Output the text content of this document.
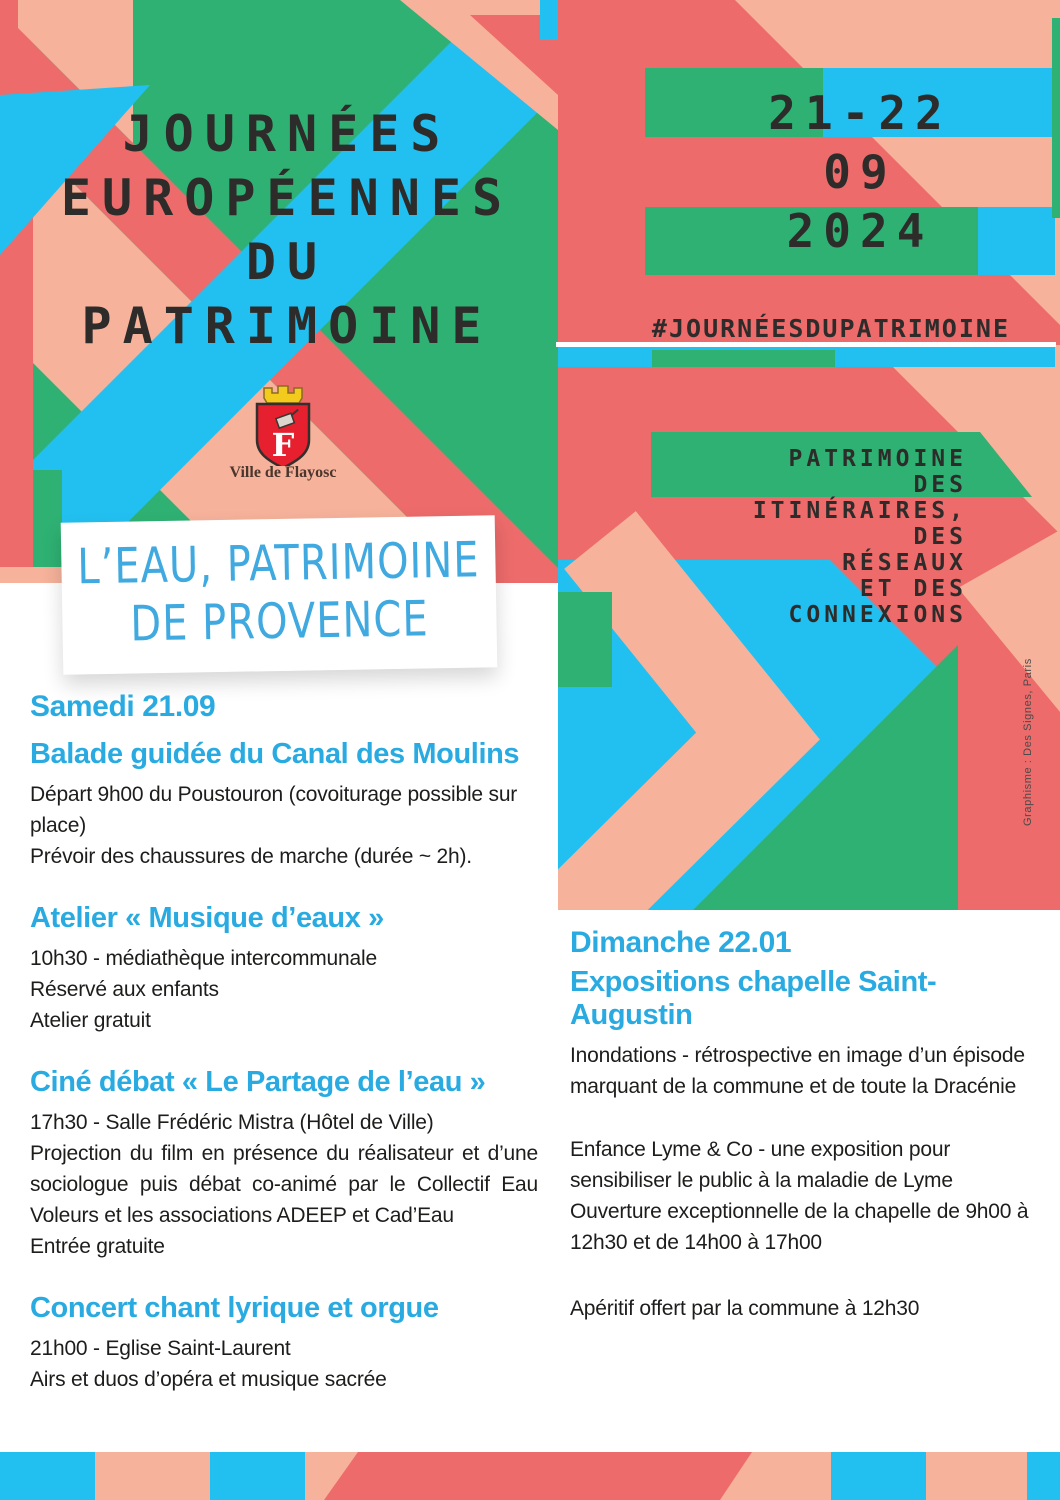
JOURNÉES
EUROPÉENNES
DU
PATRIMOINE
21-22
09
2024
#JOURNÉESDUPATRIMOINE
PATRIMOINE
DES
ITINÉRAIRES,
DES
RÉSEAUX
ET DES
CONNEXIONS
F
Ville de Flayosc
L’EAU, PATRIMOINE
DE PROVENCE
Samedi 21.09
Balade guidée du Canal des Moulins
Départ 9h00 du Poustouron (covoiturage possible sur place)
Prévoir des chaussures de marche (durée ~ 2h).
Atelier « Musique d’eaux »
10h30 - médiathèque intercommunale
Réservé aux enfants
Atelier gratuit
Ciné débat « Le Partage de l’eau »
17h30 - Salle Frédéric Mistra (Hôtel de Ville)
Projection du film en présence du réalisateur et d’une sociologue puis débat co-animé par le Collectif Eau Voleurs et les associations ADEEP et Cad’Eau
Entrée gratuite
Concert chant lyrique et orgue
21h00 - Eglise Saint-Laurent
Airs et duos d’opéra et musique sacrée
Dimanche 22.01
Expositions chapelle Saint-Augustin
Inondations - rétrospective en image d’un épisode marquant de la commune et de toute la Dracénie
Enfance Lyme & Co - une exposition pour sensibiliser le public à la maladie de Lyme
Ouverture exceptionnelle de la chapelle de 9h00 à 12h30 et de 14h00 à 17h00
Apéritif offert par la commune à 12h30
Graphisme : Des Signes, Paris
